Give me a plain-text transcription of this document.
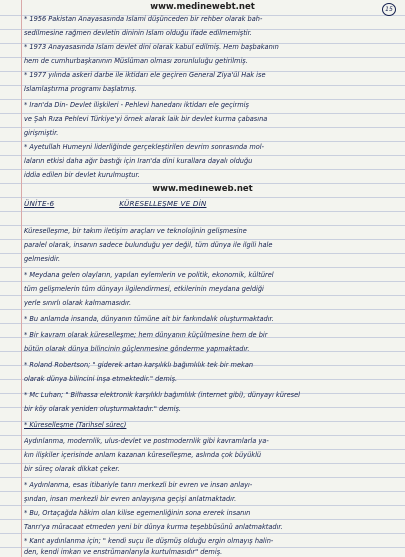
15
www.medinewebt.net
* 1956 Pakistan Anayasasında İslami düşünceden bir rehber olarak bah-
sedilmesine rağmen devletin dininin İslam olduğu ifade edilmemiştir.
* 1973 Anayasasında İslam devlet dini olarak kabul edilmiş. Hem başbakanın
hem de cumhurbaşkanının Müslüman olması zorunluluğu getirilmiş.
* 1977 yılında askeri darbe ile iktidarı ele geçiren General Ziya'ül Hak ise
İslamlaştırma programı başlatmış.
* İran'da Din- Devlet ilişkileri - Pehlevi hanedanı iktidarı ele geçirmiş
ve Şah Rıza Pehlevi Türkiye'yi örnek alarak laik bir devlet kurma çabasına
girişmiştir.
* Ayetullah Humeyni liderliğinde gerçekleştirilen devrim sonrasında mol-
laların etkisi daha ağır bastığı için İran'da dini kurallara dayalı olduğu
iddia edilen bir devlet kurulmuştur.
www.medineweb.net
ÜNİTE-6	KÜRESELLEŞME VE DİN
Küreselleşme, bir takım iletişim araçları ve teknolojinin gelişmesine
paralel olarak, insanın sadece bulunduğu yer değil, tüm dünya ile ilgili hale
gelmesidir.
* Meydana gelen olayların, yapılan eylemlerin ve politik, ekonomik, kültürel
tüm gelişmelerin tüm dünyayı ilgilendirmesi, etkilerinin meydana geldiği
yerle sınırlı olarak kalmamasıdır.
* Bu anlamda insanda, dünyanın tümüne ait bir farkındalık oluşturmaktadır.
* Bir kavram olarak küreselleşme; hem dünyanın küçülmesine hem de bir
bütün olarak dünya bilincinin güçlenmesine gönderme yapmaktadır.
* Roland Robertson; " giderek artan karşılıklı bağımlılık tek bir mekan
olarak dünya bilincini inşa etmektedir." demiş.
* Mc Luhan; " Bilhassa elektronik karşılıklı bağımlılık (internet gibi), dünyayı küresel
bir köy olarak yeniden oluşturmaktadır." demiş.
* Küreselleşme (Tarihsel süreç)
Aydınlanma, modernlik, ulus-devlet ve postmodernlik gibi kavramlarla ya-
kın ilişkiler içerisinde anlam kazanan küreselleşme, aslında çok büyüklü
bir süreç olarak dikkat çeker.
* Aydınlanma, esas itibariyle tanrı merkezli bir evren ve insan anlayı-
şından, insan merkezli bir evren anlayışına geçişi anlatmaktadır.
* Bu, Ortaçağda hâkim olan kilise egemenliğinin sona ererek insanın
Tanrı'ya müracaat etmeden yeni bir dünya kurma teşebbüsünü anlatmaktadır.
* Kant aydınlanma için; " kendi suçu ile düşmüş olduğu ergin olmayış halin-
den, kendi imkan ve enstrümanlarıyla kurtulmasıdır" demiş.
